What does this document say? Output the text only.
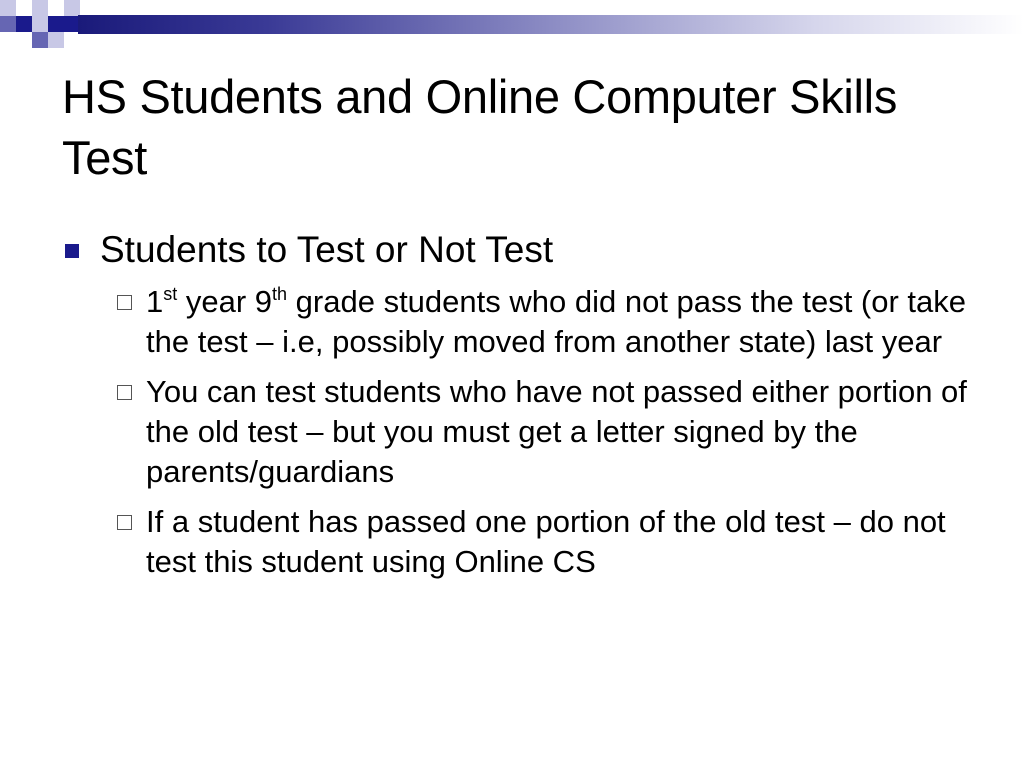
HS Students and Online Computer Skills Test
Students to Test or Not Test
1st year 9th grade students who did not pass the test (or take the test – i.e, possibly moved from another state) last year
You can test students who have not passed either portion of the old test – but you must get a letter signed by the parents/guardians
If a student has passed one portion of the old test – do not test this student using Online CS
